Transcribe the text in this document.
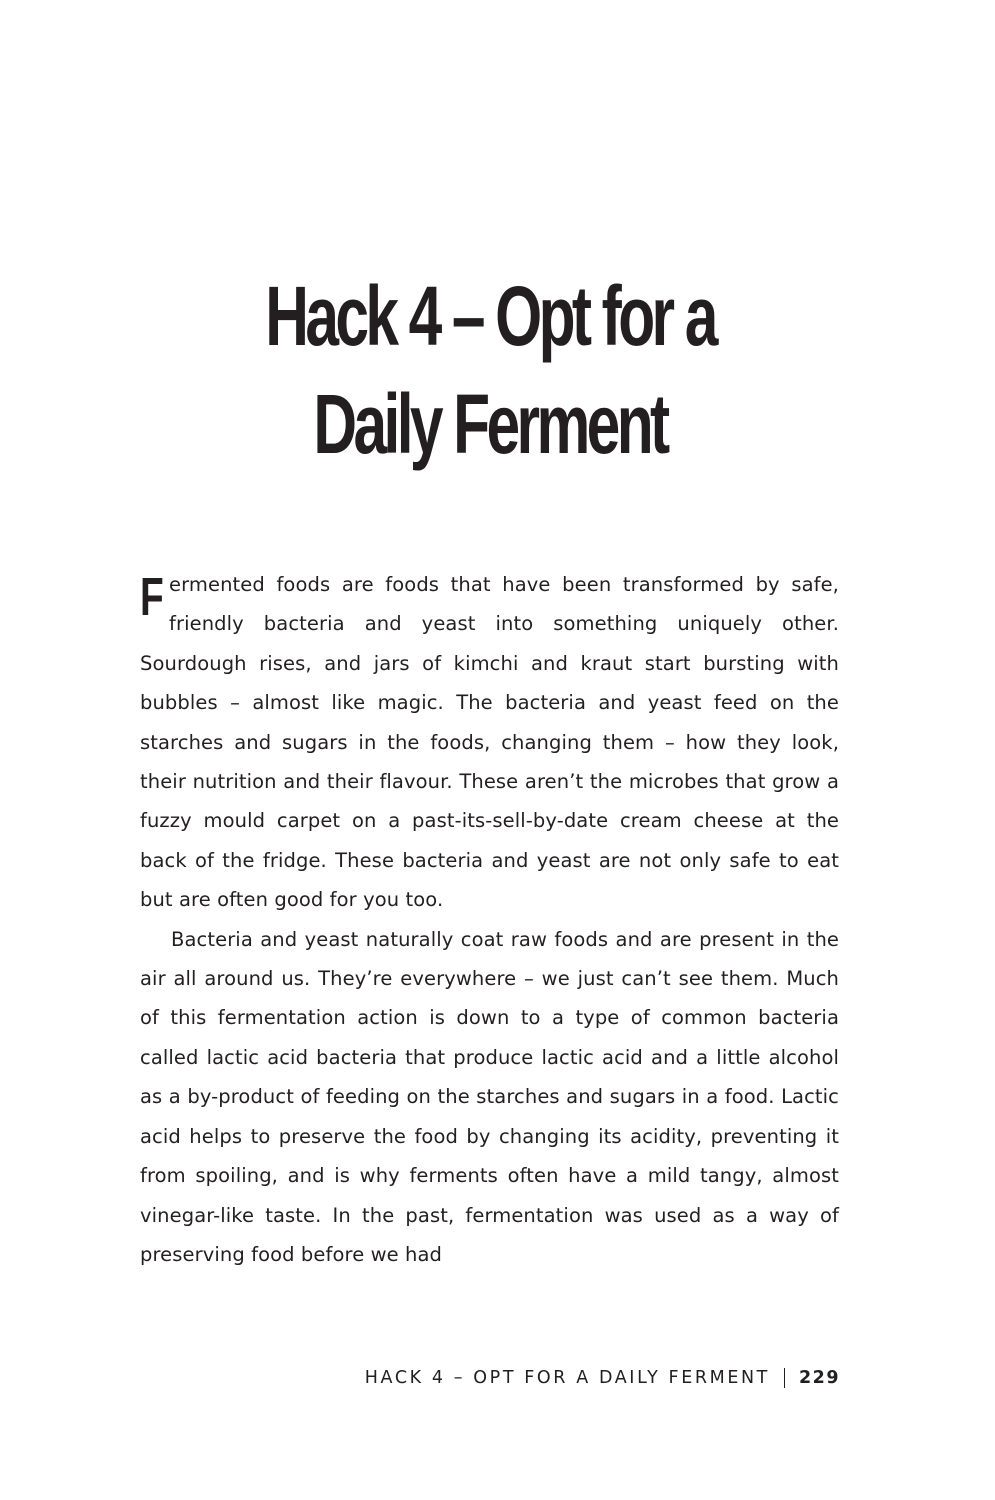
Hack 4 – Opt for a
Daily Ferment

Fermented foods are foods that have been transformed by safe, friendly bacteria and yeast into something uniquely other. Sourdough rises, and jars of kimchi and kraut start bursting with bubbles – almost like magic. The bacteria and yeast feed on the starches and sugars in the foods, changing them – how they look, their nutrition and their flavour. These aren’t the microbes that grow a fuzzy mould carpet on a past-its-sell-by-date cream cheese at the back of the fridge. These bacteria and yeast are not only safe to eat but are often good for you too.

Bacteria and yeast naturally coat raw foods and are present in the air all around us. They’re everywhere – we just can’t see them. Much of this fermentation action is down to a type of common bacteria called lactic acid bacteria that produce lactic acid and a little alcohol as a by-product of feeding on the starches and sugars in a food. Lactic acid helps to preserve the food by changing its acidity, preventing it from spoiling, and is why ferments often have a mild tangy, almost vinegar-like taste. In the past, fermentation was used as a way of preserving food before we had

HACK 4 – OPT FOR A DAILY FERMENT 229
